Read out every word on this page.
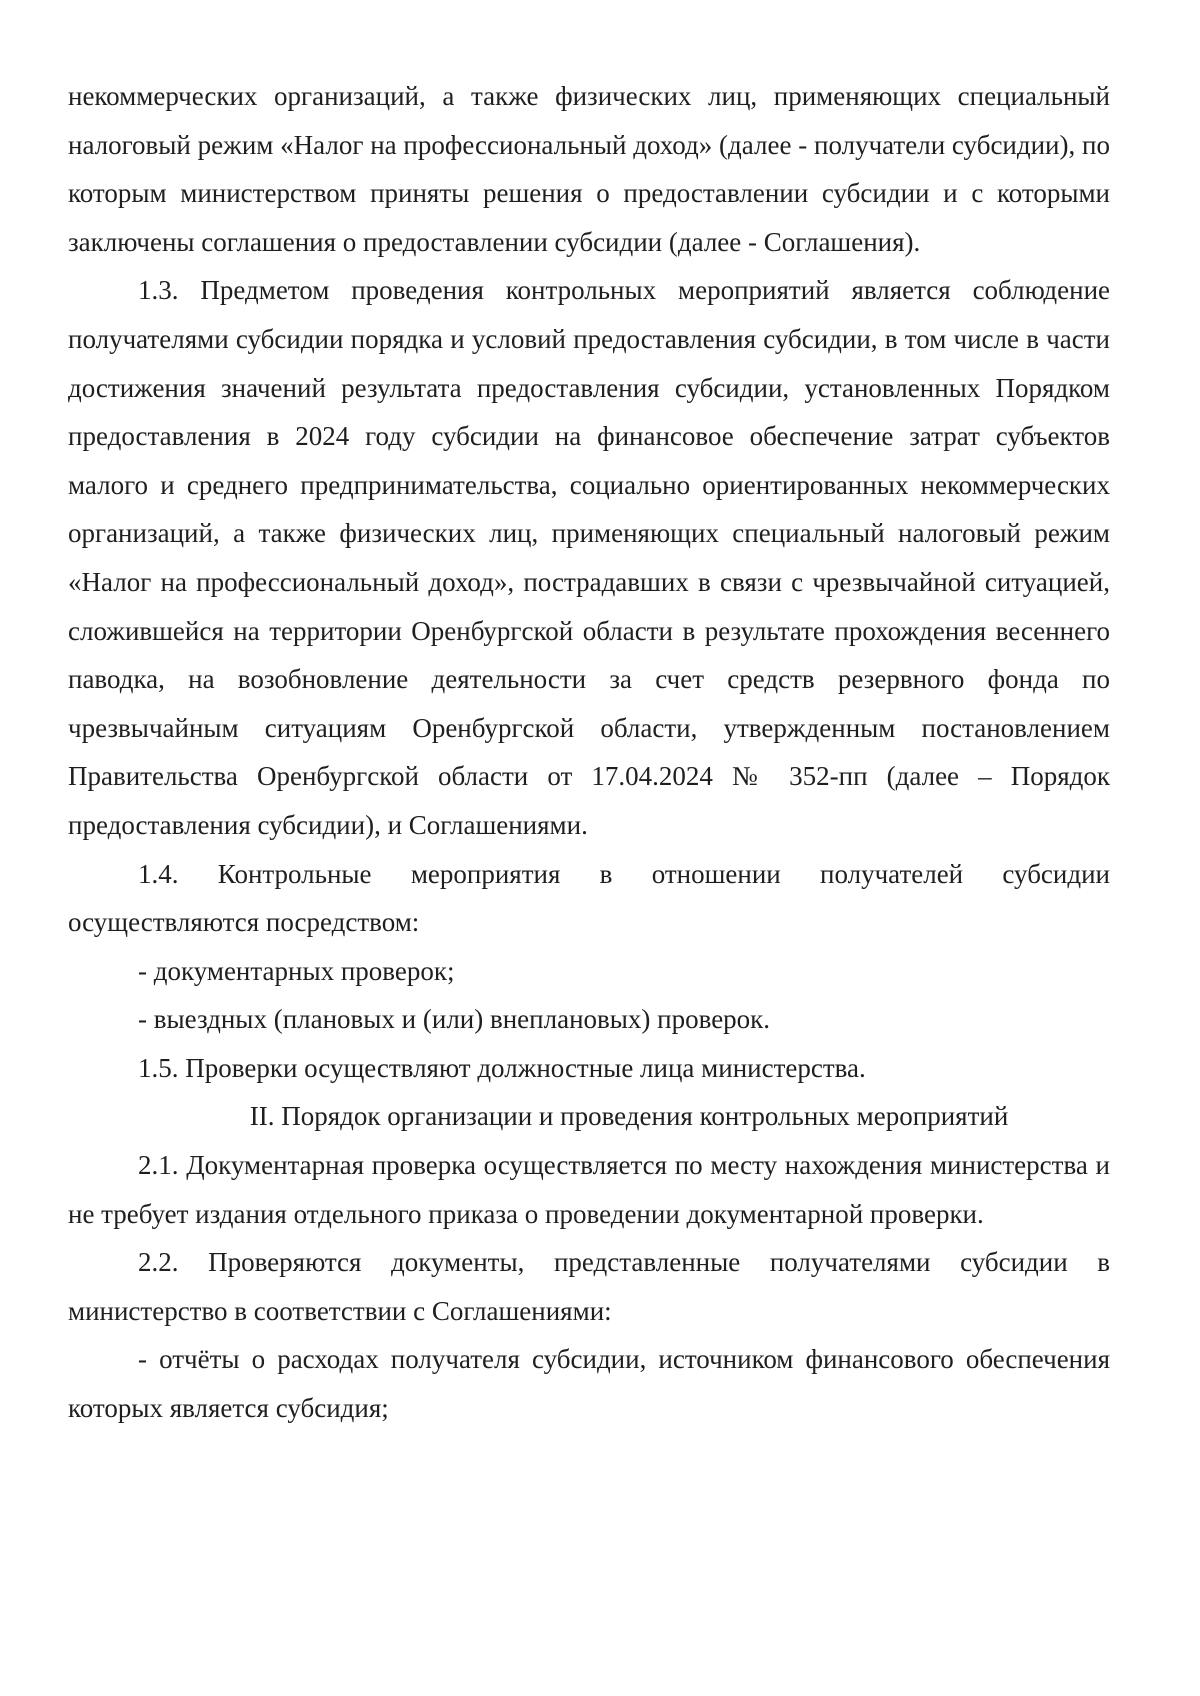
некоммерческих организаций, а также физических лиц, применяющих специальный налоговый режим «Налог на профессиональный доход» (далее - получатели субсидии), по которым министерством приняты решения о предоставлении субсидии и с которыми заключены соглашения о предоставлении субсидии (далее - Соглашения).

1.3. Предметом проведения контрольных мероприятий является соблюдение получателями субсидии порядка и условий предоставления субсидии, в том числе в части достижения значений результата предоставления субсидии, установленных Порядком предоставления в 2024 году субсидии на финансовое обеспечение затрат субъектов малого и среднего предпринимательства, социально ориентированных некоммерческих организаций, а также физических лиц, применяющих специальный налоговый режим «Налог на профессиональный доход», пострадавших в связи с чрезвычайной ситуацией, сложившейся на территории Оренбургской области в результате прохождения весеннего паводка, на возобновление деятельности за счет средств резервного фонда по чрезвычайным ситуациям Оренбургской области, утвержденным постановлением Правительства Оренбургской области от 17.04.2024 № 352-пп (далее – Порядок предоставления субсидии), и Соглашениями.

1.4. Контрольные мероприятия в отношении получателей субсидии осуществляются посредством:

- документарных проверок;

- выездных (плановых и (или) внеплановых) проверок.

1.5. Проверки осуществляют должностные лица министерства.

II. Порядок организации и проведения контрольных мероприятий

2.1. Документарная проверка осуществляется по месту нахождения министерства и не требует издания отдельного приказа о проведении документарной проверки.

2.2. Проверяются документы, представленные получателями субсидии в министерство в соответствии с Соглашениями:

- отчёты о расходах получателя субсидии, источником финансового обеспечения которых является субсидия;
